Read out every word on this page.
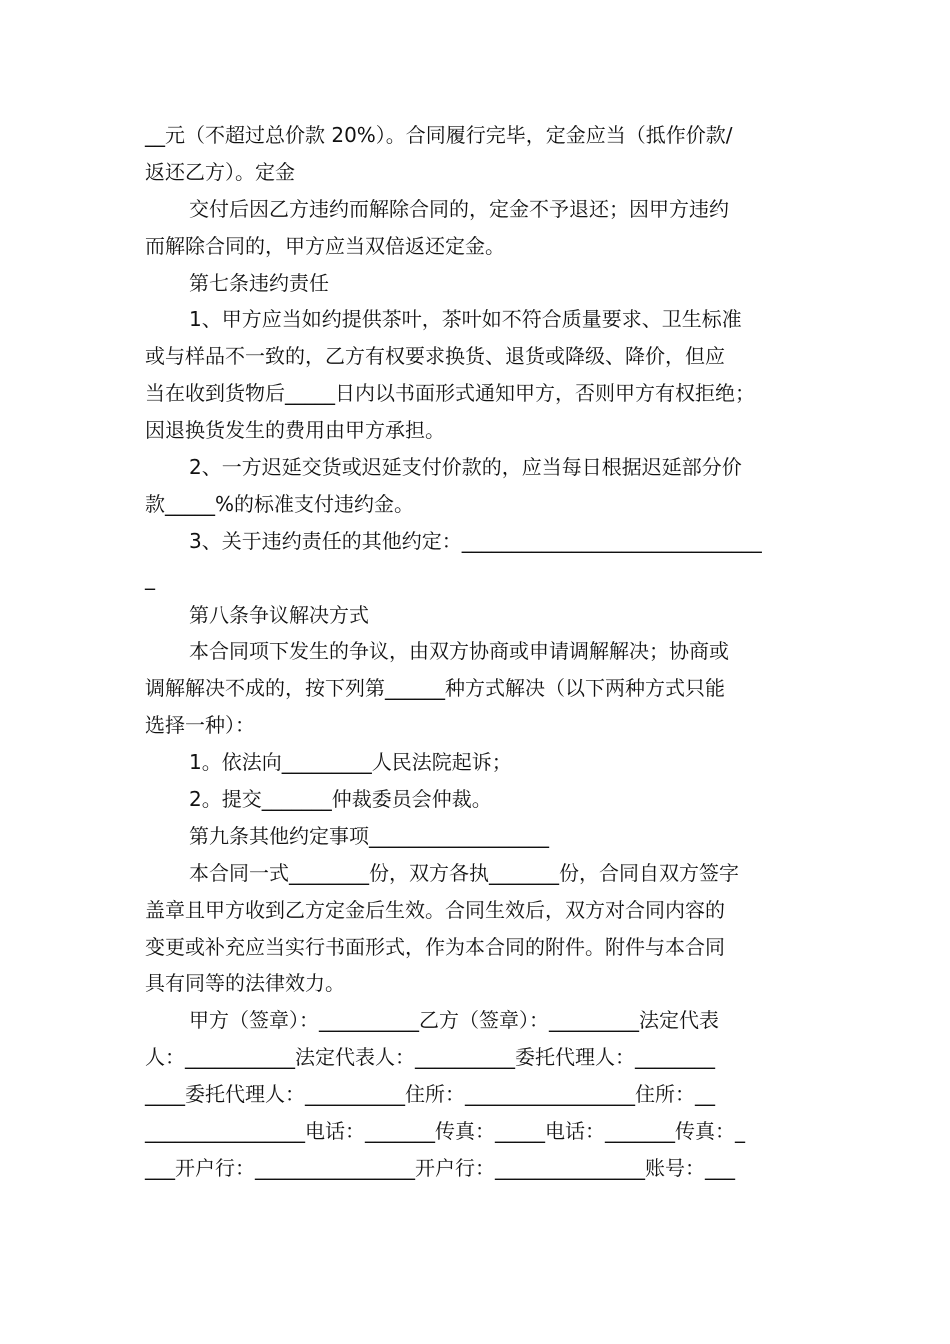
__元（不超过总价款 20%）。合同履行完毕，定金应当（抵作价款/
返还乙方）。定金
交付后因乙方违约而解除合同的，定金不予退还；因甲方违约
而解除合同的，甲方应当双倍返还定金。
第七条违约责任
1、甲方应当如约提供茶叶，茶叶如不符合质量要求、卫生标准
或与样品不一致的，乙方有权要求换货、退货或降级、降价，但应
当在收到货物后_____日内以书面形式通知甲方，否则甲方有权拒绝；
因退换货发生的费用由甲方承担。
2、一方迟延交货或迟延支付价款的，应当每日根据迟延部分价
款_____%的标准支付违约金。
3、关于违约责任的其他约定：______________________________
_
第八条争议解决方式
本合同项下发生的争议，由双方协商或申请调解解决；协商或
调解解决不成的，按下列第______种方式解决（以下两种方式只能
选择一种）：
1。依法向_________人民法院起诉；
2。提交_______仲裁委员会仲裁。
第九条其他约定事项__________________
本合同一式________份，双方各执_______份，合同自双方签字
盖章且甲方收到乙方定金后生效。合同生效后，双方对合同内容的
变更或补充应当实行书面形式，作为本合同的附件。附件与本合同
具有同等的法律效力。
甲方（签章）：__________乙方（签章）：_________法定代表
人：___________法定代表人：__________委托代理人：________
____委托代理人：__________住所：_________________住所：__
________________电话：_______传真：_____电话：_______传真：_
___开户行：________________开户行：_______________账号：___
